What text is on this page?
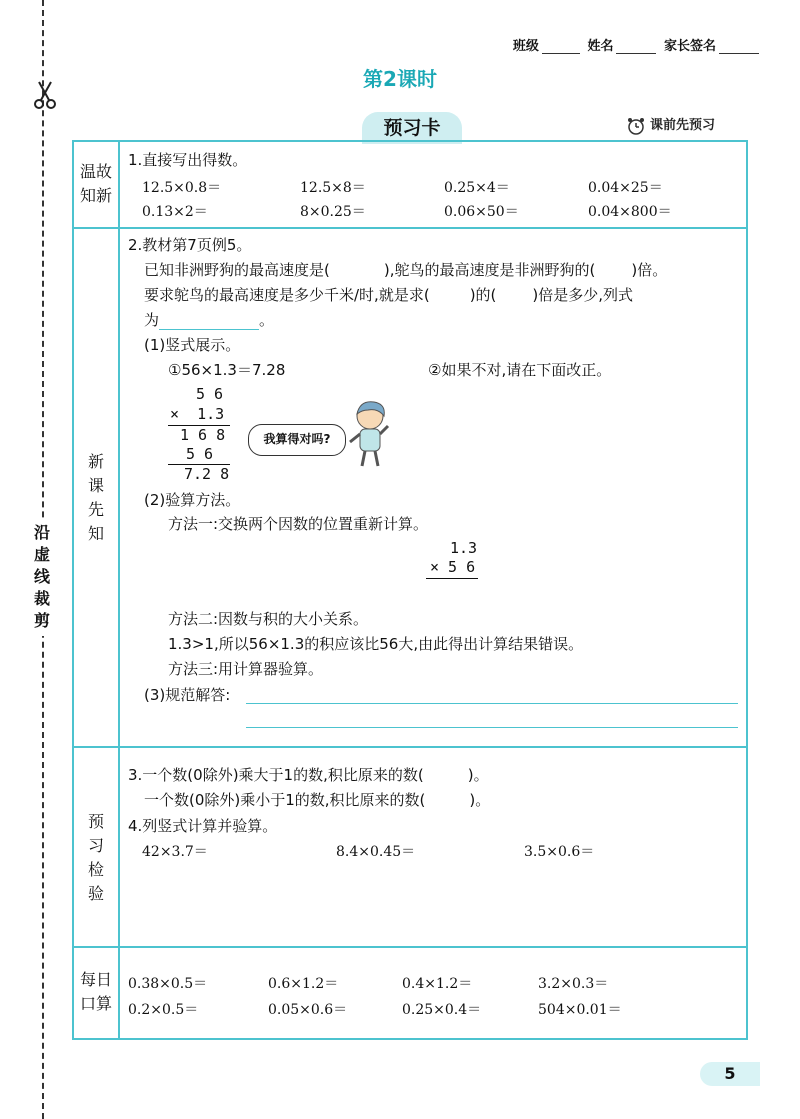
沿
虚
线
裁
剪
班级	姓名	家长签名
第2课时
预习卡	课前先预习
温故
知新
1.直接写出得数。
12.5×0.8＝	12.5×8＝	0.25×4＝	0.04×25＝
0.13×2＝	8×0.25＝	0.06×50＝	0.04×800＝
新
课
先
知
2.教材第7页例5。
已知非洲野狗的最高速度是(	),鸵鸟的最高速度是非洲野狗的( )倍。
要求鸵鸟的最高速度是多少千米/时,就是求(	)的( )倍是多少,列式
为	。
(1)竖式展示。
①56×1.3＝7.28	②如果不对,请在下面改正。
5 6
×  1.3
1 6 8
5 6
7.2 8
我算得对吗?
(2)验算方法。
方法一:交换两个因数的位置重新计算。
1.3
× 5 6
方法二:因数与积的大小关系。
1.3>1,所以56×1.3的积应该比56大,由此得出计算结果错误。
方法三:用计算器验算。
(3)规范解答:
预
习
检
验
3.一个数(0除外)乘大于1的数,积比原来的数(	)。
一个数(0除外)乘小于1的数,积比原来的数(	)。
4.列竖式计算并验算。
42×3.7＝	8.4×0.45＝	3.5×0.6＝
每日
口算
0.38×0.5＝	0.6×1.2＝	0.4×1.2＝	3.2×0.3＝
0.2×0.5＝	0.05×0.6＝	0.25×0.4＝	504×0.01＝
5
